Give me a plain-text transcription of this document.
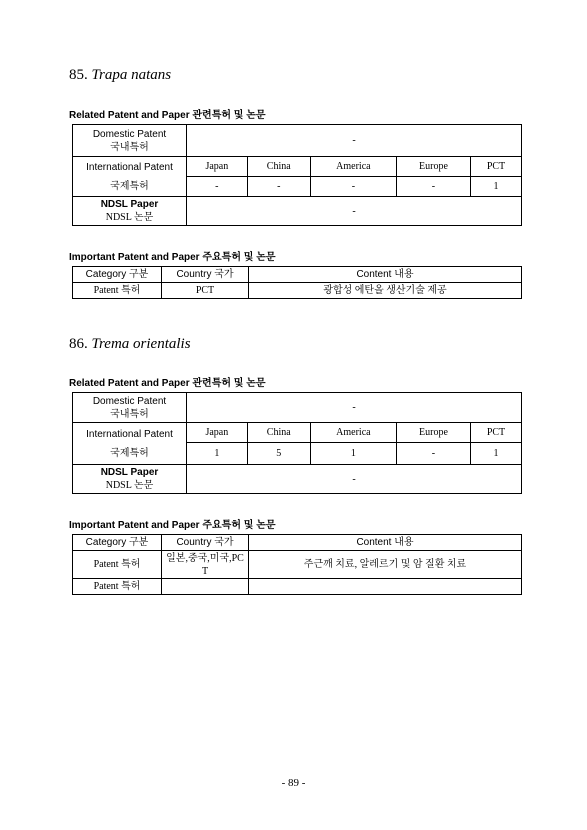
85. Trapa natans
Related Patent and Paper 관련특허 및 논문
Domestic Patent
국내특허	-				

International Patent
국제특허	Japan	China	America	Europe	PCT
	-	-	-	-	1

NDSL Paper
NDSL 논문	-				
Important Patent and Paper 주요특허 및 논문
Category 구분	Country 국가	Content 내용
Patent 특허	PCT	광합성 에탄올 생산기술 제공
86. Trema orientalis
Related Patent and Paper 관련특허 및 논문
Domestic Patent
국내특허	-				

International Patent
국제특허	Japan	China	America	Europe	PCT
	1	5	1	-	1

NDSL Paper
NDSL 논문	-				
Important Patent and Paper 주요특허 및 논문
Category 구분	Country 국가	Content 내용
Patent 특허	일본,중국,미국,PCT	주근깨 치료, 알레르기 및 암 질환 치료
Patent 특허		
- 89 -
